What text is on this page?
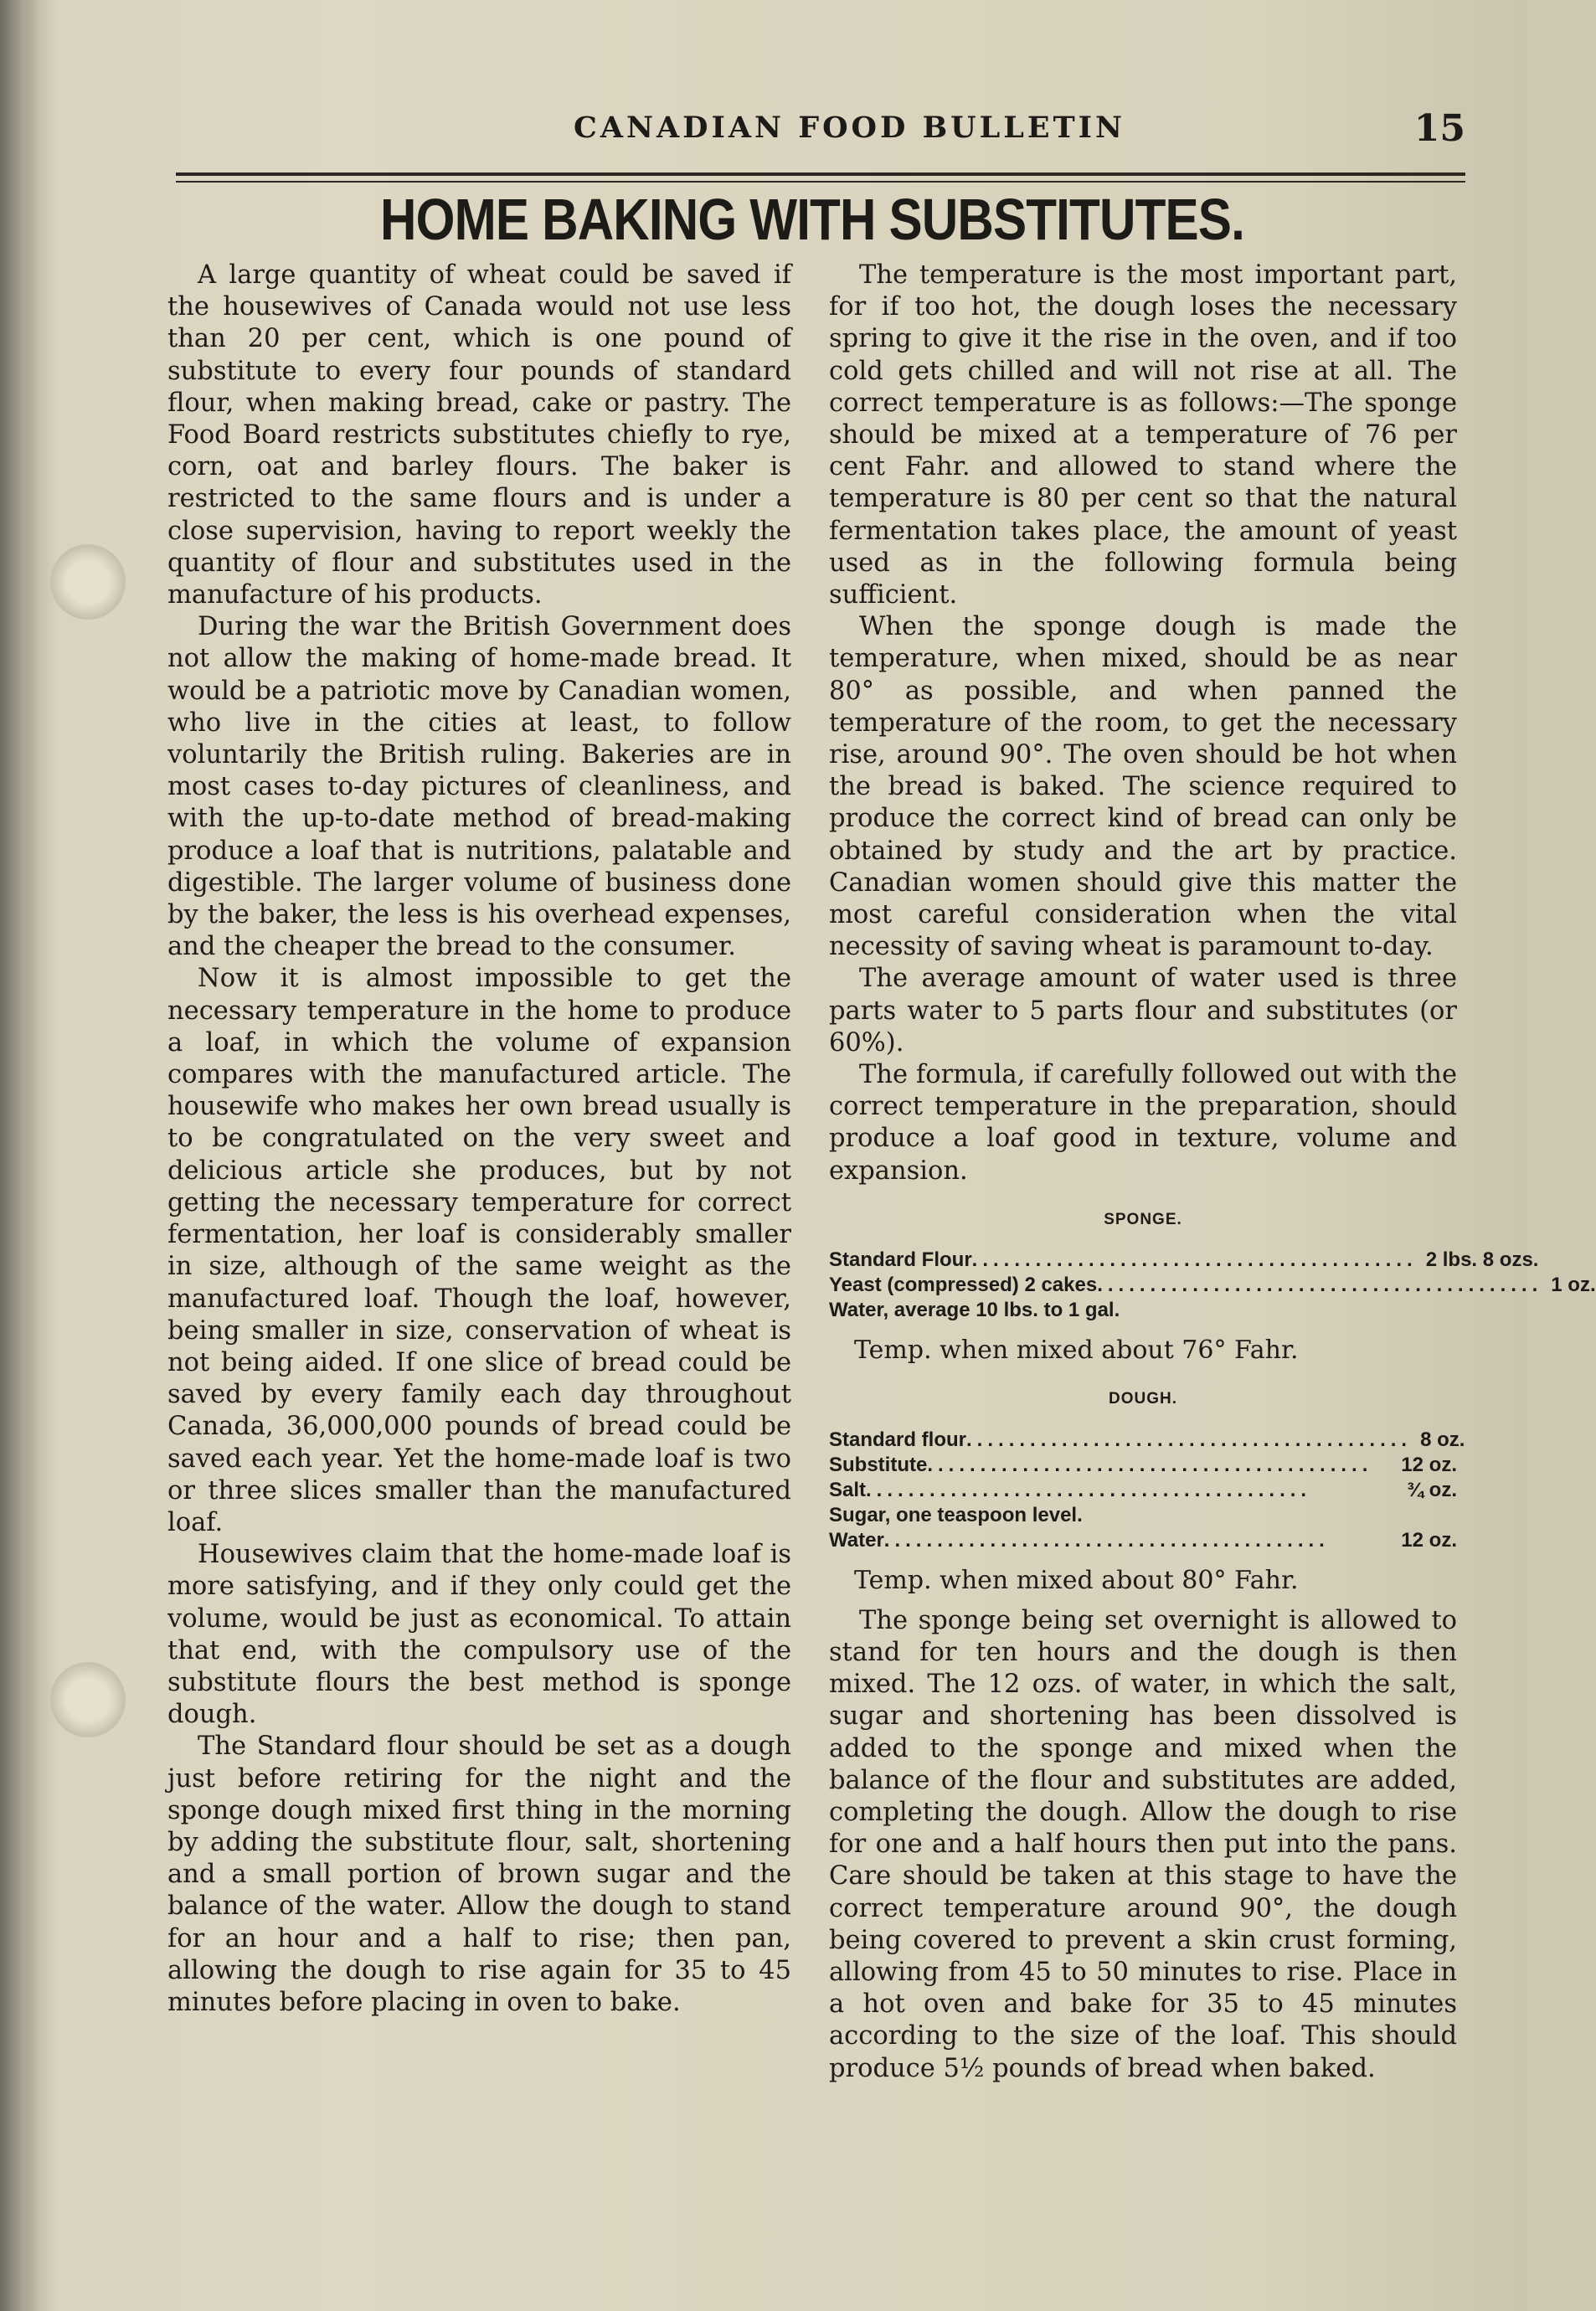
CANADIAN FOOD BULLETIN	15
HOME BAKING WITH SUBSTITUTES.

A large quantity of wheat could be saved if the housewives of Canada would not use less than 20 per cent, which is one pound of substitute to every four pounds of standard flour, when making bread, cake or pastry. The Food Board restricts substitutes chiefly to rye, corn, oat and barley flours. The baker is restricted to the same flours and is under a close supervision, having to report weekly the quantity of flour and substitutes used in the manufacture of his products.

During the war the British Government does not allow the making of home-made bread. It would be a patriotic move by Canadian women, who live in the cities at least, to follow voluntarily the British ruling. Bakeries are in most cases to-day pictures of cleanliness, and with the up-to-date method of bread-making produce a loaf that is nutritions, palatable and digestible. The larger volume of business done by the baker, the less is his overhead expenses, and the cheaper the bread to the consumer.

Now it is almost impossible to get the necessary temperature in the home to produce a loaf, in which the volume of expansion compares with the manufactured article. The housewife who makes her own bread usually is to be congratulated on the very sweet and delicious article she produces, but by not getting the necessary temperature for correct fermentation, her loaf is considerably smaller in size, although of the same weight as the manufactured loaf. Though the loaf, however, being smaller in size, conservation of wheat is not being aided. If one slice of bread could be saved by every family each day throughout Canada, 36,000,000 pounds of bread could be saved each year. Yet the home-made loaf is two or three slices smaller than the manufactured loaf.

Housewives claim that the home-made loaf is more satisfying, and if they only could get the volume, would be just as economical. To attain that end, with the compulsory use of the substitute flours the best method is sponge dough.

The Standard flour should be set as a dough just before retiring for the night and the sponge dough mixed first thing in the morning by adding the substitute flour, salt, shortening and a small portion of brown sugar and the balance of the water. Allow the dough to stand for an hour and a half to rise; then pan, allowing the dough to rise again for 35 to 45 minutes before placing in oven to bake.

The temperature is the most important part, for if too hot, the dough loses the necessary spring to give it the rise in the oven, and if too cold gets chilled and will not rise at all. The correct temperature is as follows:—The sponge should be mixed at a temperature of 76 per cent Fahr. and allowed to stand where the temperature is 80 per cent so that the natural fermentation takes place, the amount of yeast used as in the following formula being sufficient.

When the sponge dough is made the temperature, when mixed, should be as near 80° as possible, and when panned the temperature of the room, to get the necessary rise, around 90°. The oven should be hot when the bread is baked. The science required to produce the correct kind of bread can only be obtained by study and the art by practice. Canadian women should give this matter the most careful consideration when the vital necessity of saving wheat is paramount to-day.

The average amount of water used is three parts water to 5 parts flour and substitutes (or 60%).

The formula, if carefully followed out with the correct temperature in the preparation, should produce a loaf good in texture, volume and expansion.

SPONGE.
Standard Flour .......................................... 2 lbs. 8 ozs.
Yeast (compressed) 2 cakes .......................................... 1 oz.
Water, average 10 lbs. to 1 gal.
Temp. when mixed about 76° Fahr.
DOUGH.
Standard flour .......................................... 8 oz.
Substitute ..........................................	12 oz.
Salt ..........................................	¾ oz.
Sugar, one teaspoon level.
Water ..........................................	12 oz.
Temp. when mixed about 80° Fahr.

The sponge being set overnight is allowed to stand for ten hours and the dough is then mixed. The 12 ozs. of water, in which the salt, sugar and shortening has been dissolved is added to the sponge and mixed when the balance of the flour and substitutes are added, completing the dough. Allow the dough to rise for one and a half hours then put into the pans. Care should be taken at this stage to have the correct temperature around 90°, the dough being covered to prevent a skin crust forming, allowing from 45 to 50 minutes to rise. Place in a hot oven and bake for 35 to 45 minutes according to the size of the loaf. This should produce 5½ pounds of bread when baked.
